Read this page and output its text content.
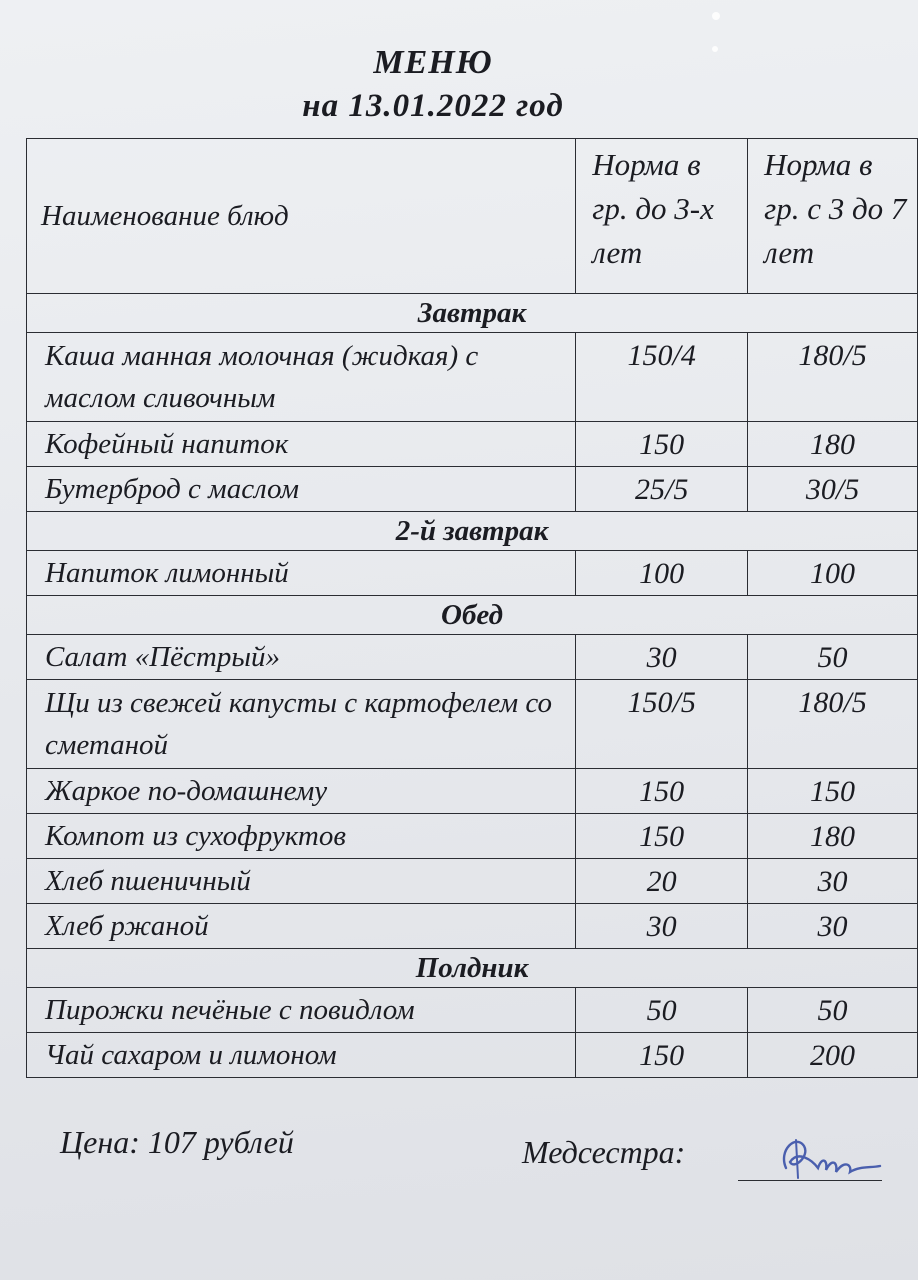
МЕНЮ
на 13.01.2022 год
Наименование блюд	Норма в гр. до 3-х лет	Норма в гр. с 3 до 7 лет
Завтрак		
Каша манная молочная (жидкая) с маслом сливочным	150/4	180/5

Кофейный напиток	150	180

Бутерброд с маслом	25/5	30/5

2-й завтрак		
Напиток лимонный	100	100

Обед		
Салат «Пёстрый»	30	50

Щи из свежей капусты с картофелем со сметаной	150/5	180/5

Жаркое по-домашнему	150	150

Компот из сухофруктов	150	180

Хлеб пшеничный	20	30

Хлеб ржаной	30	30

Полдник		
Пирожки печёные с повидлом	50	50

Чай сахаром и лимоном	150	200
Цена: 107 рублей	Медсестра:
